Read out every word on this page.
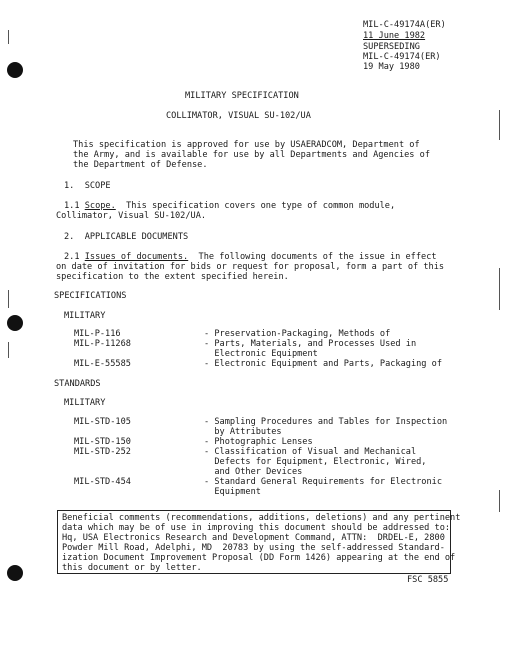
MIL-C-49174A(ER)
11 June 1982
SUPERSEDING
MIL-C-49174(ER)
19 May 1980
MILITARY SPECIFICATION
COLLIMATOR, VISUAL SU-102/UA
This specification is approved for use by USAERADCOM, Department of
the Army, and is available for use by all Departments and Agencies of
the Department of Defense.
1.  SCOPE
1.1 Scope.  This specification covers one type of common module,
Collimator, Visual SU-102/UA.
2.  APPLICABLE DOCUMENTS
2.1 Issues of documents.  The following documents of the issue in effect
on date of invitation for bids or request for proposal, form a part of this
specification to the extent specified herein.
SPECIFICATIONS
MILITARY
MIL-P-116	- Preservation-Packaging, Methods of
MIL-P-11268	- Parts, Materials, and Processes Used in
Electronic Equipment
MIL-E-55585	- Electronic Equipment and Parts, Packaging of
STANDARDS
MILITARY
MIL-STD-105	- Sampling Procedures and Tables for Inspection
by Attributes
MIL-STD-150	- Photographic Lenses
MIL-STD-252	- Classification of Visual and Mechanical
Defects for Equipment, Electronic, Wired,
and Other Devices
MIL-STD-454	- Standard General Requirements for Electronic
Equipment
Beneficial comments (recommendations, additions, deletions) and any pertinent
data which may be of use in improving this document should be addressed to:
Hq, USA Electronics Research and Development Command, ATTN:  DRDEL-E, 2800
Powder Mill Road, Adelphi, MD  20783 by using the self-addressed Standard-
ization Document Improvement Proposal (DD Form 1426) appearing at the end of
this document or by letter.
FSC 5855
